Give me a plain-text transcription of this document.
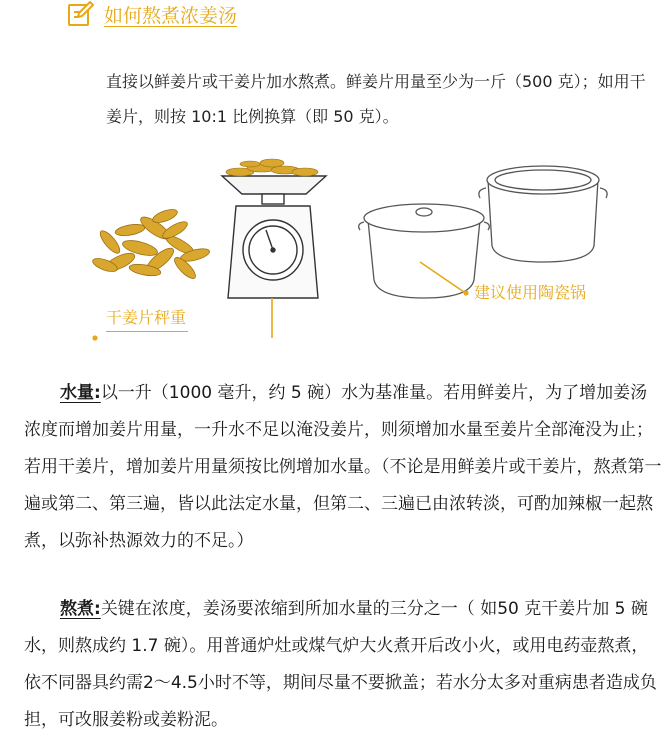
如何熬煮浓姜汤
直接以鲜姜片或干姜片加水熬煮。鲜姜片用量至少为一斤（500 克）；如用干姜片，则按 10:1 比例换算（即 50 克）。
干姜片秤重
建议使用陶瓷锅
水量:以一升（1000 毫升，约 5 碗）水为基准量。若用鲜姜片，为了增加姜汤浓度而增加姜片用量，一升水不足以淹没姜片，则须增加水量至姜片全部淹没为止； 若用干姜片，增加姜片用量须按比例增加水量。（不论是用鲜姜片或干姜片，熬煮第一遍或第二、第三遍，皆以此法定水量，但第二、三遍已由浓转淡，可酌加辣椒一起熬煮，以弥补热源效力的不足。）
熬煮:关键在浓度，姜汤要浓缩到所加水量的三分之一（ 如50 克干姜片加 5 碗水，则熬成约 1.7 碗）。用普通炉灶或煤气炉大火煮开后改小火，或用电药壶熬煮，依不同器具约需2～4.5小时不等，期间尽量不要掀盖；若水分太多对重病患者造成负担，可改服姜粉或姜粉泥。
